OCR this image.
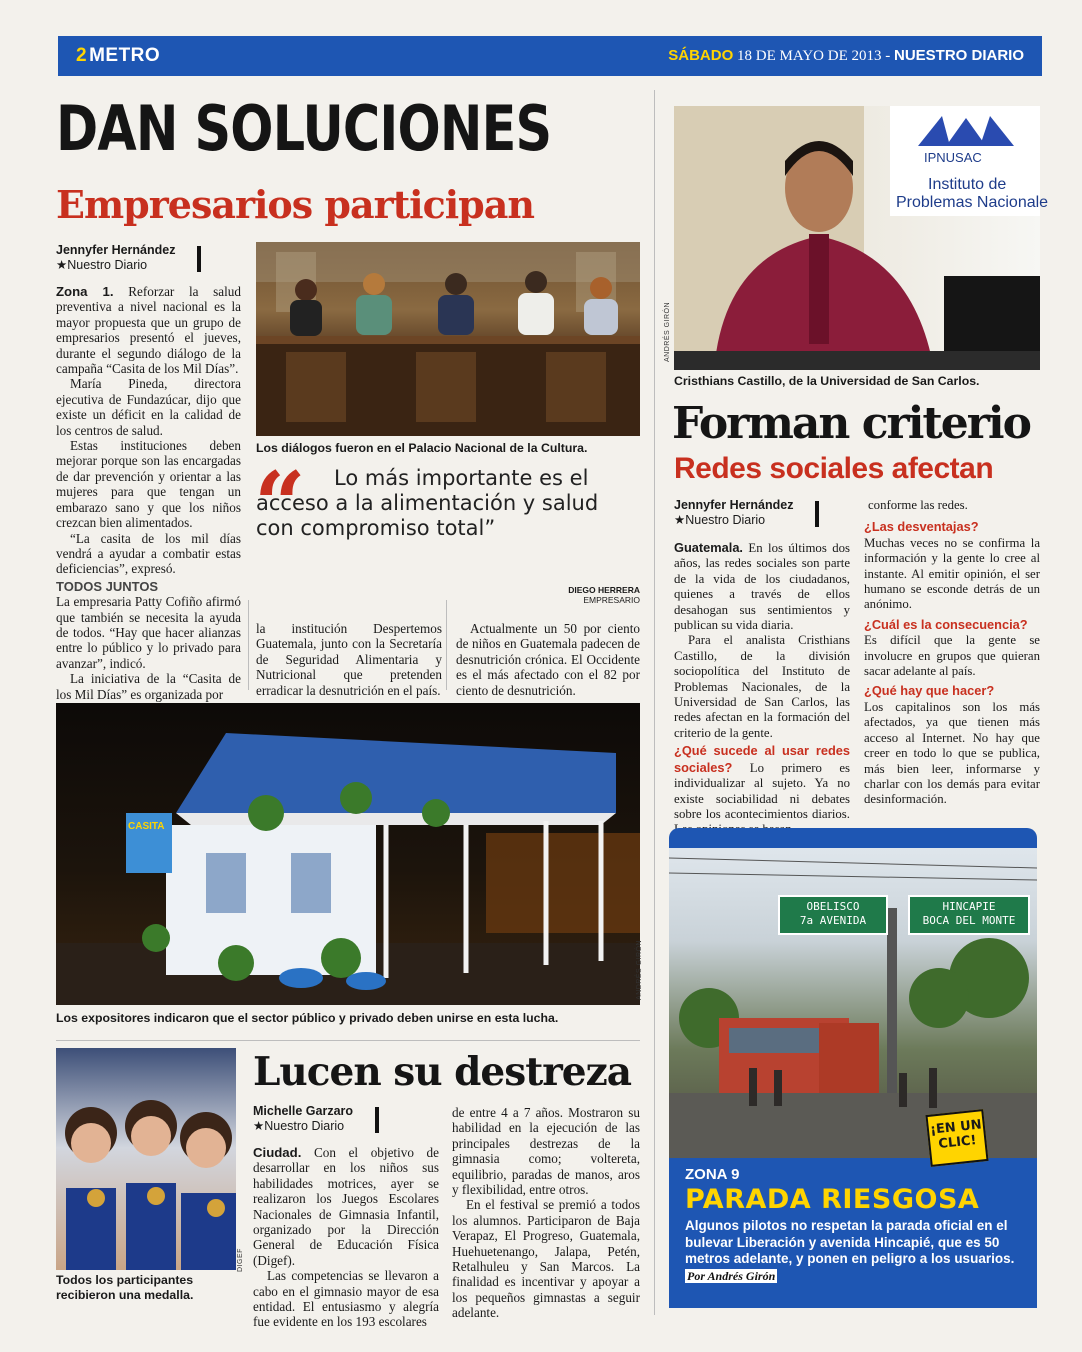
2 METRO	SÁBADO 18 DE MAYO DE 2013 - NUESTRO DIARIO
DAN SOLUCIONES
Empresarios participan
Jennyfer Hernández
★Nuestro Diario

Zona 1. Reforzar la salud preventiva a nivel nacional es la mayor propuesta que un grupo de empresarios presentó el jueves, durante el segundo diálogo de la campaña “Casita de los Mil Días”.

María Pineda, directora ejecutiva de Fundazúcar, dijo que existe un déficit en la calidad de los centros de salud.

Estas instituciones deben mejorar porque son las encargadas de dar prevención y orientar a las mujeres para que tengan un embarazo sano y que los niños crezcan bien alimentados.

“La casita de los mil días vendrá a ayudar a combatir estas deficiencias”, expresó.

TODOS JUNTOS

La empresaria Patty Cofiño afirmó que también se necesita la ayuda de todos. “Hay que hacer alianzas entre lo público y lo privado para avanzar”, indicó.

La iniciativa de la “Casita de los Mil Días” es organizada por

Los diálogos fueron en el Palacio Nacional de la Cultura.
“	Lo más importante es el acceso a la alimentación y salud con compromiso total”
DIEGO HERRERA
EMPRESARIO

la institución Despertemos Guatemala, junto con la Secretaría de Seguridad Alimentaria y Nutricional que pretenden erradicar la desnutrición en el país.

Actualmente un 50 por ciento de niños en Guatemala padecen de desnutrición crónica. El Occidente es el más afectado con el 82 por ciento de desnutrición.

CASITA
ANDRÉS GIRÓN
Los expositores indicaron que el sector público y privado deben unirse en esta lucha.
DIGEF
Todos los participantes recibieron una medalla.
Lucen su destreza
Michelle Garzaro
★Nuestro Diario

Ciudad. Con el objetivo de desarrollar en los niños sus habilidades motrices, ayer se realizaron los Juegos Escolares Nacionales de Gimnasia Infantil, organizado por la Dirección General de Educación Física (Digef).

Las competencias se llevaron a cabo en el gimnasio mayor de esa entidad. El entusiasmo y alegría fue evidente en los 193 escolares

de entre 4 a 7 años. Mostraron su habilidad en la ejecución de las principales destrezas de la gimnasia como; voltereta, equilibrio, paradas de manos, aros y flexibilidad, entre otros.

En el festival se premió a todos los alumnos. Participaron de Baja Verapaz, El Progreso, Guatemala, Huehuetenango, Jalapa, Petén, Retalhuleu y San Marcos. La finalidad es incentivar y apoyar a los pequeños gimnastas a seguir adelante.

IPNUSAC
Instituto de
Problemas Nacionale
ANDRÉS GIRÓN
Cristhians Castillo, de la Universidad de San Carlos.
Forman criterio
Redes sociales afectan
Jennyfer Hernández
★Nuestro Diario

Guatemala. En los últimos dos años, las redes sociales son parte de la vida de los ciudadanos, quienes a través de ellos desahogan sus sentimientos y publican su vida diaria.

Para el analista Cristhians Castillo, de la división sociopolítica del Instituto de Problemas Nacionales, de la Universidad de San Carlos, las redes afectan en la formación del criterio de la gente.

¿Qué sucede al usar redes sociales? Lo primero es individualizar al sujeto. Ya no existe sociabilidad ni debates sobre los acontecimientos diarios.

conforme las redes.

¿Las desventajas?

Muchas veces no se confirma la información y la gente lo cree al instante. Al emitir opinión, el ser humano se esconde detrás de un anónimo.

¿Cuál es la consecuencia?

Es difícil que la gente se involucre en grupos que quieran sacar adelante al país.

¿Qué hay que hacer?

Los capitalinos son los más afectados, ya que tienen más acceso al Internet. No hay que creer en todo lo que se publica, más bien leer, informarse y charlar con los demás para evitar desinformación.

OBELISCO
7a AVENIDA
HINCAPIE
BOCA DEL MONTE
ZONA 9
PARADA RIESGOSA
Algunos pilotos no respetan la parada oficial en el bulevar Liberación y avenida Hincapié, que es 50 metros adelante, y ponen en peligro a los usuarios. Por Andrés Girón
¡EN UN CLIC!
